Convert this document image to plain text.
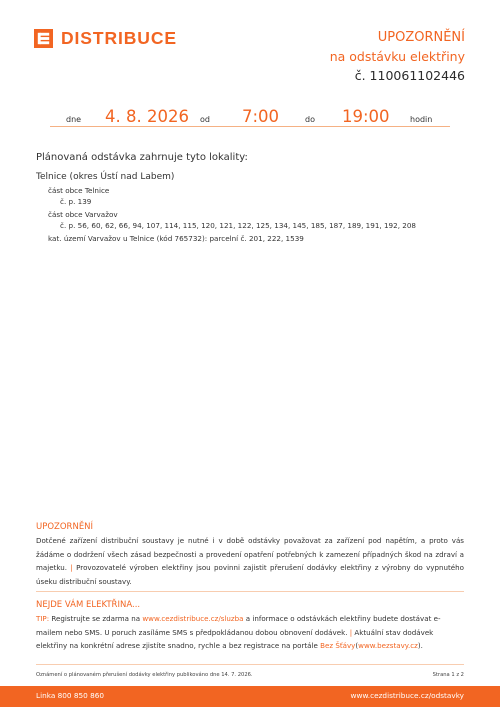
DISTRIBUCE	UPOZORNĚNÍ
na odstávku elektřiny
č. 110061102446
dne 4. 8. 2026 od 7:00	do 19:00	hodin
Plánovaná odstávka zahrnuje tyto lokality:
Telnice (okres Ústí nad Labem)
část obce Telnice
č. p. 139
část obce Varvažov
č. p. 56, 60, 62, 66, 94, 107, 114, 115, 120, 121, 122, 125, 134, 145, 185, 187, 189, 191, 192, 208
kat. území Varvažov u Telnice (kód 765732): parcelní č. 201, 222, 1539
UPOZORNĚNÍ
Dotčené zařízení distribuční soustavy je nutné i v době odstávky považovat za zařízení pod napětím, a proto vás žádáme o dodržení všech zásad bezpečnosti a provedení opatření potřebných k zamezení případných škod na zdraví a majetku. | Provozovatelé výroben elektřiny jsou povinni zajistit přerušení dodávky elektřiny z výrobny do vypnutého úseku distribuční soustavy.
NEJDE VÁM ELEKTŘINA...
TIP: Registrujte se zdarma na www.cezdistribuce.cz/sluzba a informace o odstávkách elektřiny budete dostávat e-mailem nebo SMS. U poruch zasíláme SMS s předpokládanou dobou obnovení dodávek. | Aktuální stav dodávek elektřiny na konkrétní adrese zjistíte snadno, rychle a bez registrace na portále Bez Šťávy(www.bezstavy.cz).
Oznámení o plánovaném přerušení dodávky elektřiny publikováno dne 14. 7. 2026.	Strana 1 z 2
Linka 800 850 860	www.cezdistribuce.cz/odstavky
